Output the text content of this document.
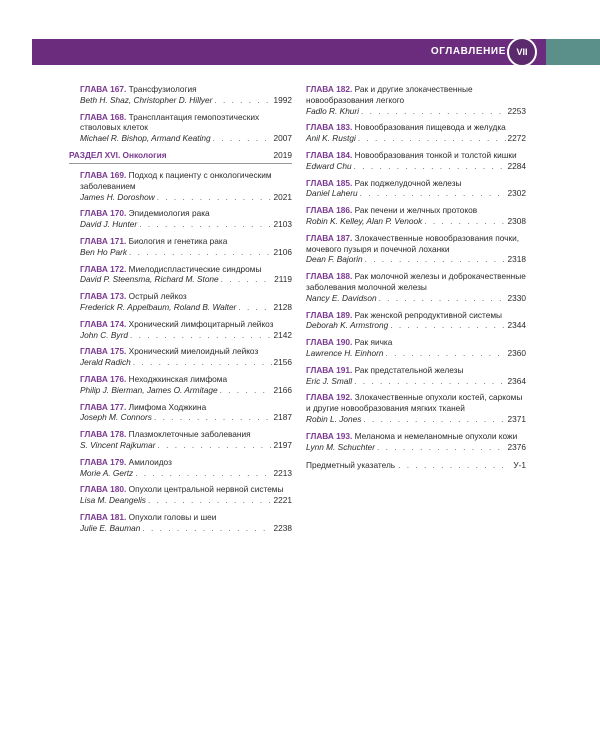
ОГЛАВЛЕНИЕ	VII
ГЛАВА 167. Трансфузиология
Beth H. Shaz, Christopher D. Hillyer . . .	1992
ГЛАВА 168. Трансплантация гемопоэтических стволовых клеток
Michael R. Bishop, Armand Keating . . .	2007
РАЗДЕЛ XVI. Онкология	2019
ГЛАВА 169. Подход к пациенту с онкологическим заболеванием
James H. Doroshow . . .	2021
ГЛАВА 170. Эпидемиология рака
David J. Hunter . . .	2103
ГЛАВА 171. Биология и генетика рака
Ben Ho Park . . .	2106
ГЛАВА 172. Миелодиспластические синдромы
David P. Steensma, Richard M. Stone . . .	2119
ГЛАВА 173. Острый лейкоз
Frederick R. Appelbaum, Roland B. Walter . . .	2128
ГЛАВА 174. Хронический лимфоцитарный лейкоз
John C. Byrd . . .	2142
ГЛАВА 175. Хронический миелоидный лейкоз
Jerald Radich . . .	2156
ГЛАВА 176. Неходжкинская лимфома
Philip J. Bierman, James O. Armitage . . .	2166
ГЛАВА 177. Лимфома Ходжкина
Joseph M. Connors . . .	2187
ГЛАВА 178. Плазмоклеточные заболевания
S. Vincent Rajkumar . . .	2197
ГЛАВА 179. Амилоидоз
Morie A. Gertz . . .	2213
ГЛАВА 180. Опухоли центральной нервной системы
Lisa M. Deangelis . . .	2221
ГЛАВА 181. Опухоли головы и шеи
Julie E. Bauman . . .	2238
ГЛАВА 182. Рак и другие злокачественные новообразования легкого
Fadlo R. Khuri . . .	2253
ГЛАВА 183. Новообразования пищевода и желудка
Anil K. Rustgi . . .	2272
ГЛАВА 184. Новообразования тонкой и толстой кишки
Edward Chu . . .	2284
ГЛАВА 185. Рак поджелудочной железы
Daniel Laheru . . .	2302
ГЛАВА 186. Рак печени и желчных протоков
Robin K. Kelley, Alan P. Venook . . .	2308
ГЛАВА 187. Злокачественные новообразования почки, мочевого пузыря и почечной лоханки
Dean F. Bajorin . . .	2318
ГЛАВА 188. Рак молочной железы и доброкачественные заболевания молочной железы
Nancy E. Davidson . . .	2330
ГЛАВА 189. Рак женской репродуктивной системы
Deborah K. Armstrong . . .	2344
ГЛАВА 190. Рак яичка
Lawrence H. Einhorn . . .	2360
ГЛАВА 191. Рак предстательной железы
Eric J. Small . . .	2364
ГЛАВА 192. Злокачественные опухоли костей, саркомы и другие новообразования мягких тканей
Robin L. Jones . . .	2371
ГЛАВА 193. Меланома и немеланомные опухоли кожи
Lynn M. Schuchter . . .	2376
Предметный указатель . . .	У-1
